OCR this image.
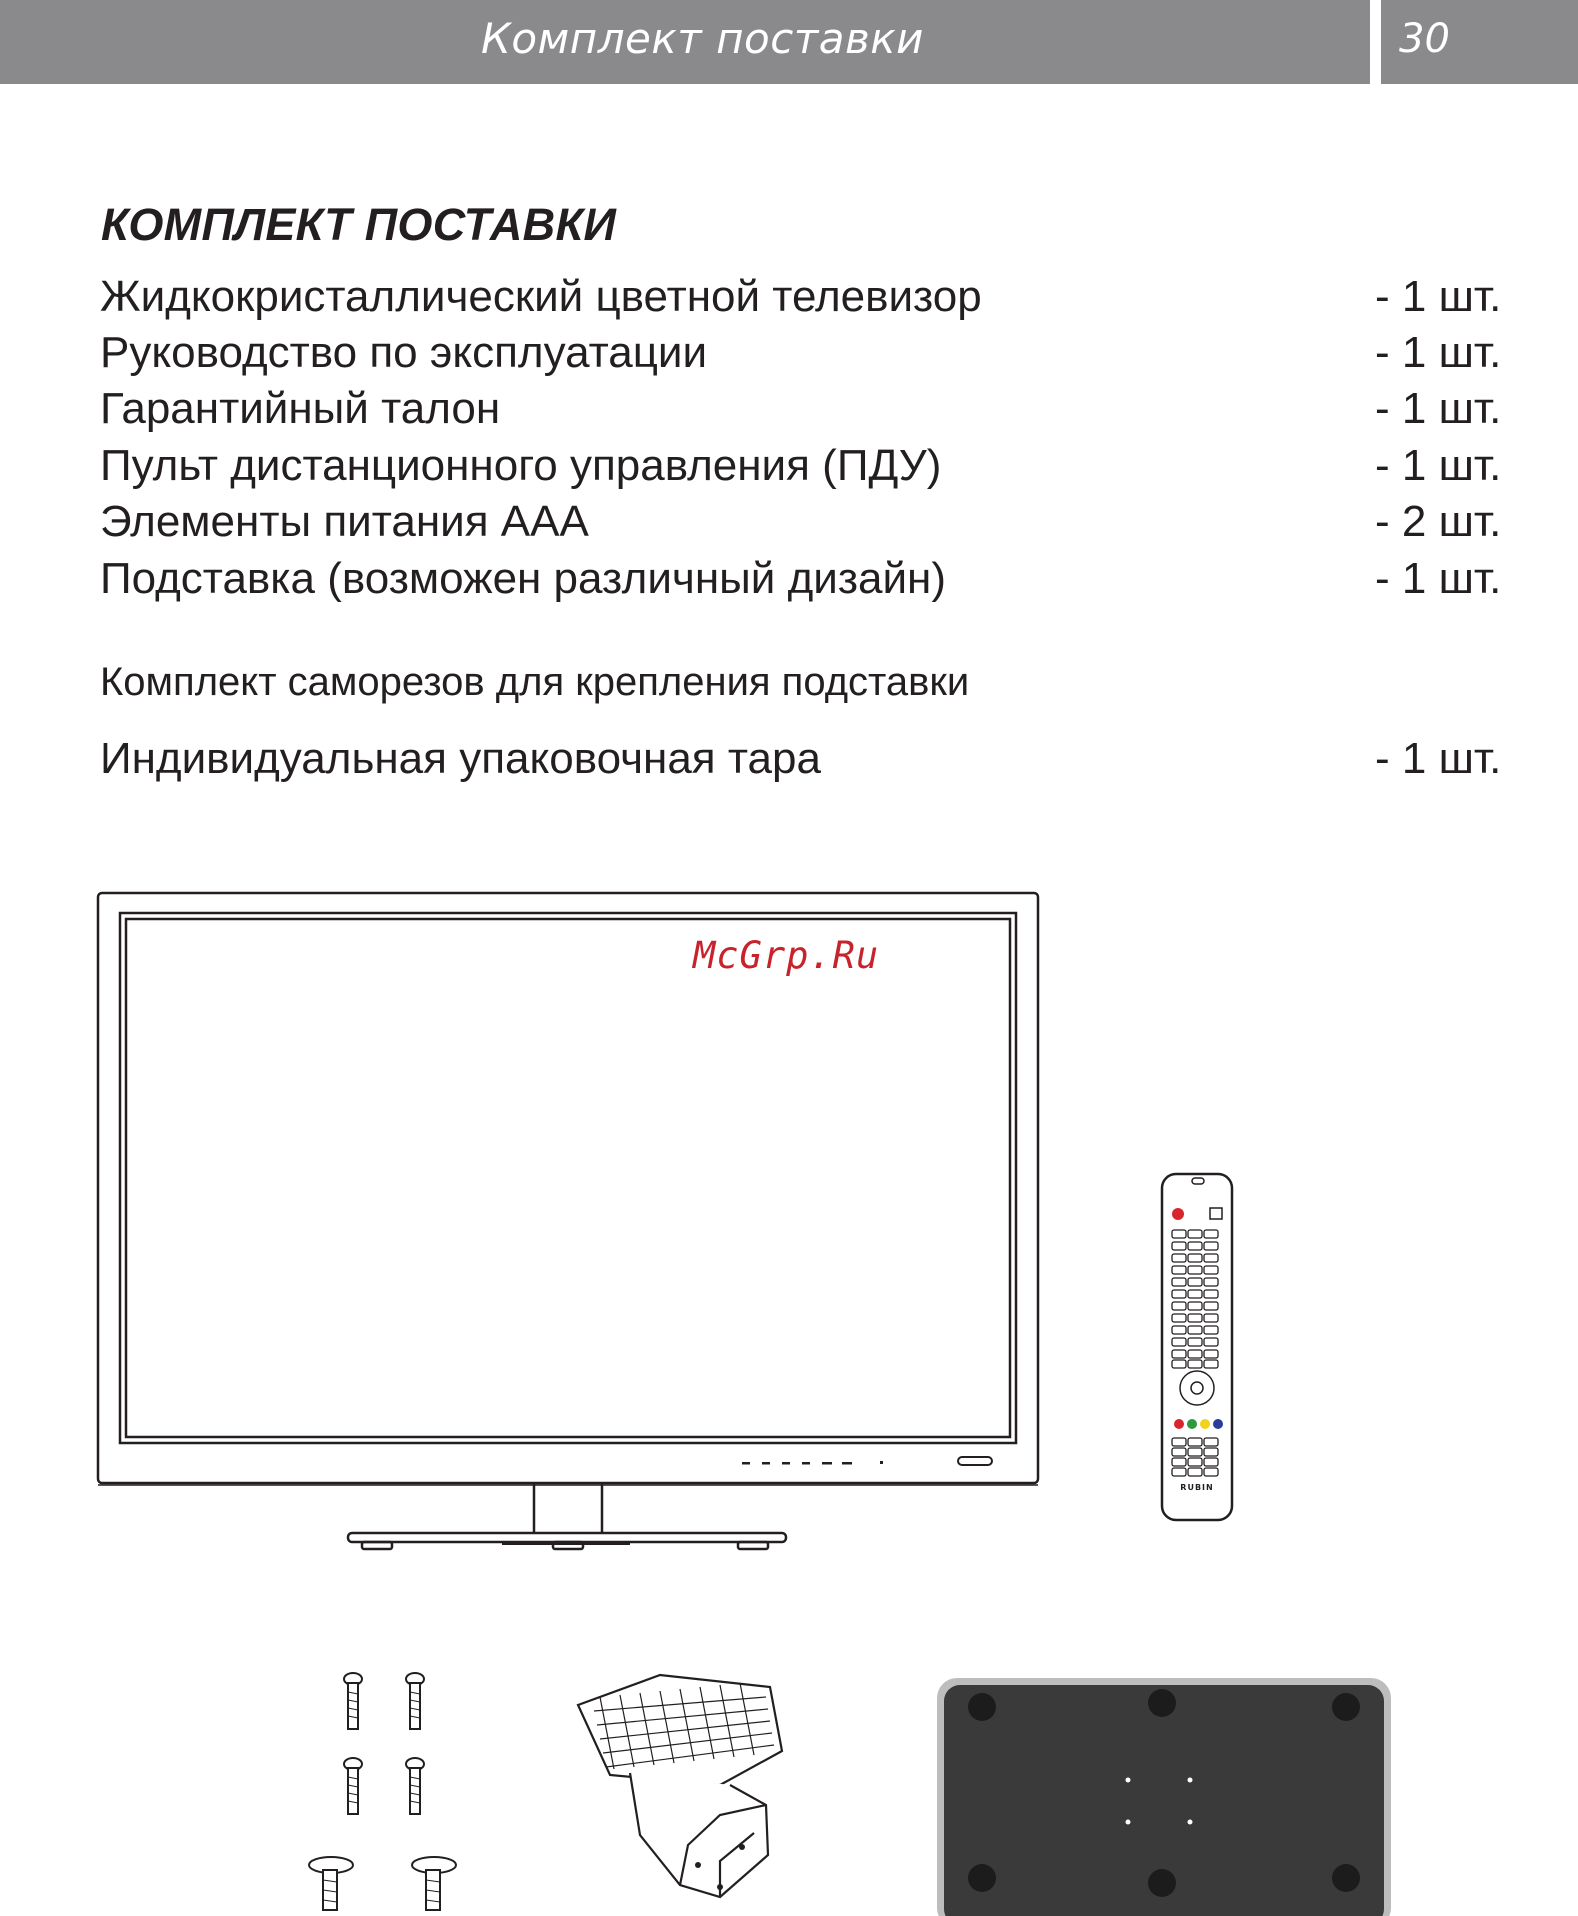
Комплект поставки	30
КОМПЛЕКТ ПОСТАВКИ
Жидкокристаллический цветной телевизор	- 1 шт.
Руководство по эксплуатации	- 1 шт.
Гарантийный талон	- 1 шт.
Пульт дистанционного управления (ПДУ)	- 1 шт.
Элементы питания AAA	- 2 шт.
Подставка (возможен различный дизайн)	- 1 шт.
Комплект саморезов для крепления подставки
Индивидуальная упаковочная тара	- 1 шт.
McGrp.Ru
RUBIN
